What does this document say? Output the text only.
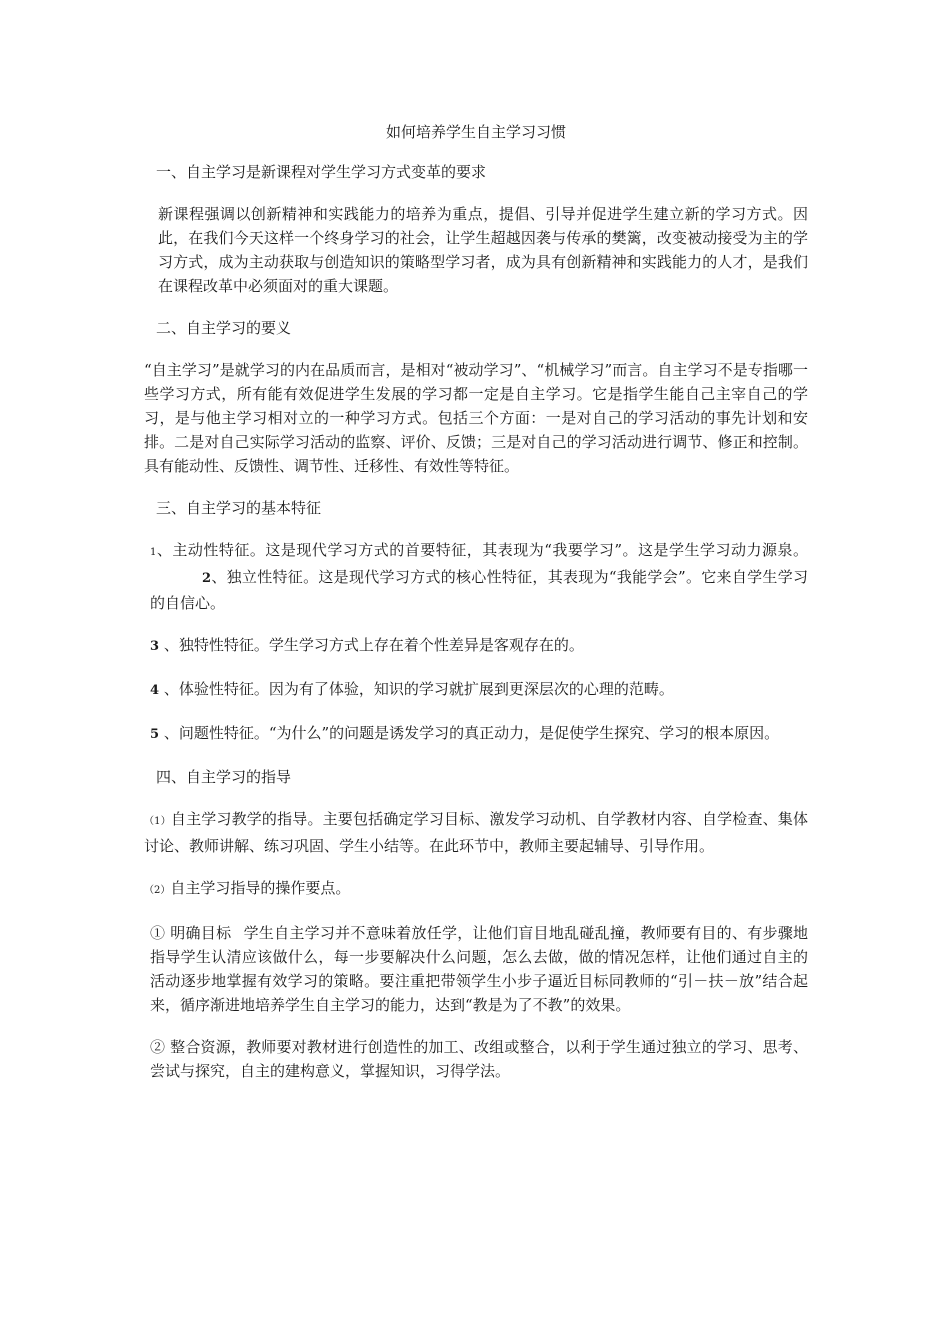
如何培养学生自主学习习惯
一、自主学习是新课程对学生学习方式变革的要求
新课程强调以创新精神和实践能力的培养为重点，提倡、引导并促进学生建立新的学习方式。因此，在我们今天这样一个终身学习的社会，让学生超越因袭与传承的樊篱，改变被动接受为主的学习方式，成为主动获取与创造知识的策略型学习者，成为具有创新精神和实践能力的人才，是我们在课程改革中必须面对的重大课题。
二、自主学习的要义
“自主学习”是就学习的内在品质而言，是相对“被动学习”、“机械学习”而言。自主学习不是专指哪一些学习方式，所有能有效促进学生发展的学习都一定是自主学习。它是指学生能自己主宰自己的学习，是与他主学习相对立的一种学习方式。包括三个方面：一是对自己的学习活动的事先计划和安排。二是对自己实际学习活动的监察、评价、反馈；三是对自己的学习活动进行调节、修正和控制。具有能动性、反馈性、调节性、迁移性、有效性等特征。
三、自主学习的基本特征
1、主动性特征。这是现代学习方式的首要特征，其表现为“我要学习”。这是学生学习动力源泉。2、独立性特征。这是现代学习方式的核心性特征，其表现为“我能学会”。它来自学生学习的自信心。
3 、独特性特征。学生学习方式上存在着个性差异是客观存在的。
4 、体验性特征。因为有了体验，知识的学习就扩展到更深层次的心理的范畴。
5 、问题性特征。“为什么”的问题是诱发学习的真正动力，是促使学生探究、学习的根本原因。
四、自主学习的指导
（1）自主学习教学的指导。主要包括确定学习目标、激发学习动机、自学教材内容、自学检查、集体讨论、教师讲解、练习巩固、学生小结等。在此环节中，教师主要起辅导、引导作用。
（2）自主学习指导的操作要点。
① 明确目标 学生自主学习并不意味着放任学，让他们盲目地乱碰乱撞，教师要有目的、有步骤地指导学生认清应该做什么，每一步要解决什么问题，怎么去做，做的情况怎样，让他们通过自主的活动逐步地掌握有效学习的策略。要注重把带领学生小步子逼近目标同教师的“引－扶－放”结合起来，循序渐进地培养学生自主学习的能力，达到“教是为了不教”的效果。
② 整合资源，教师要对教材进行创造性的加工、改组或整合，以利于学生通过独立的学习、思考、尝试与探究，自主的建构意义，掌握知识，习得学法。
